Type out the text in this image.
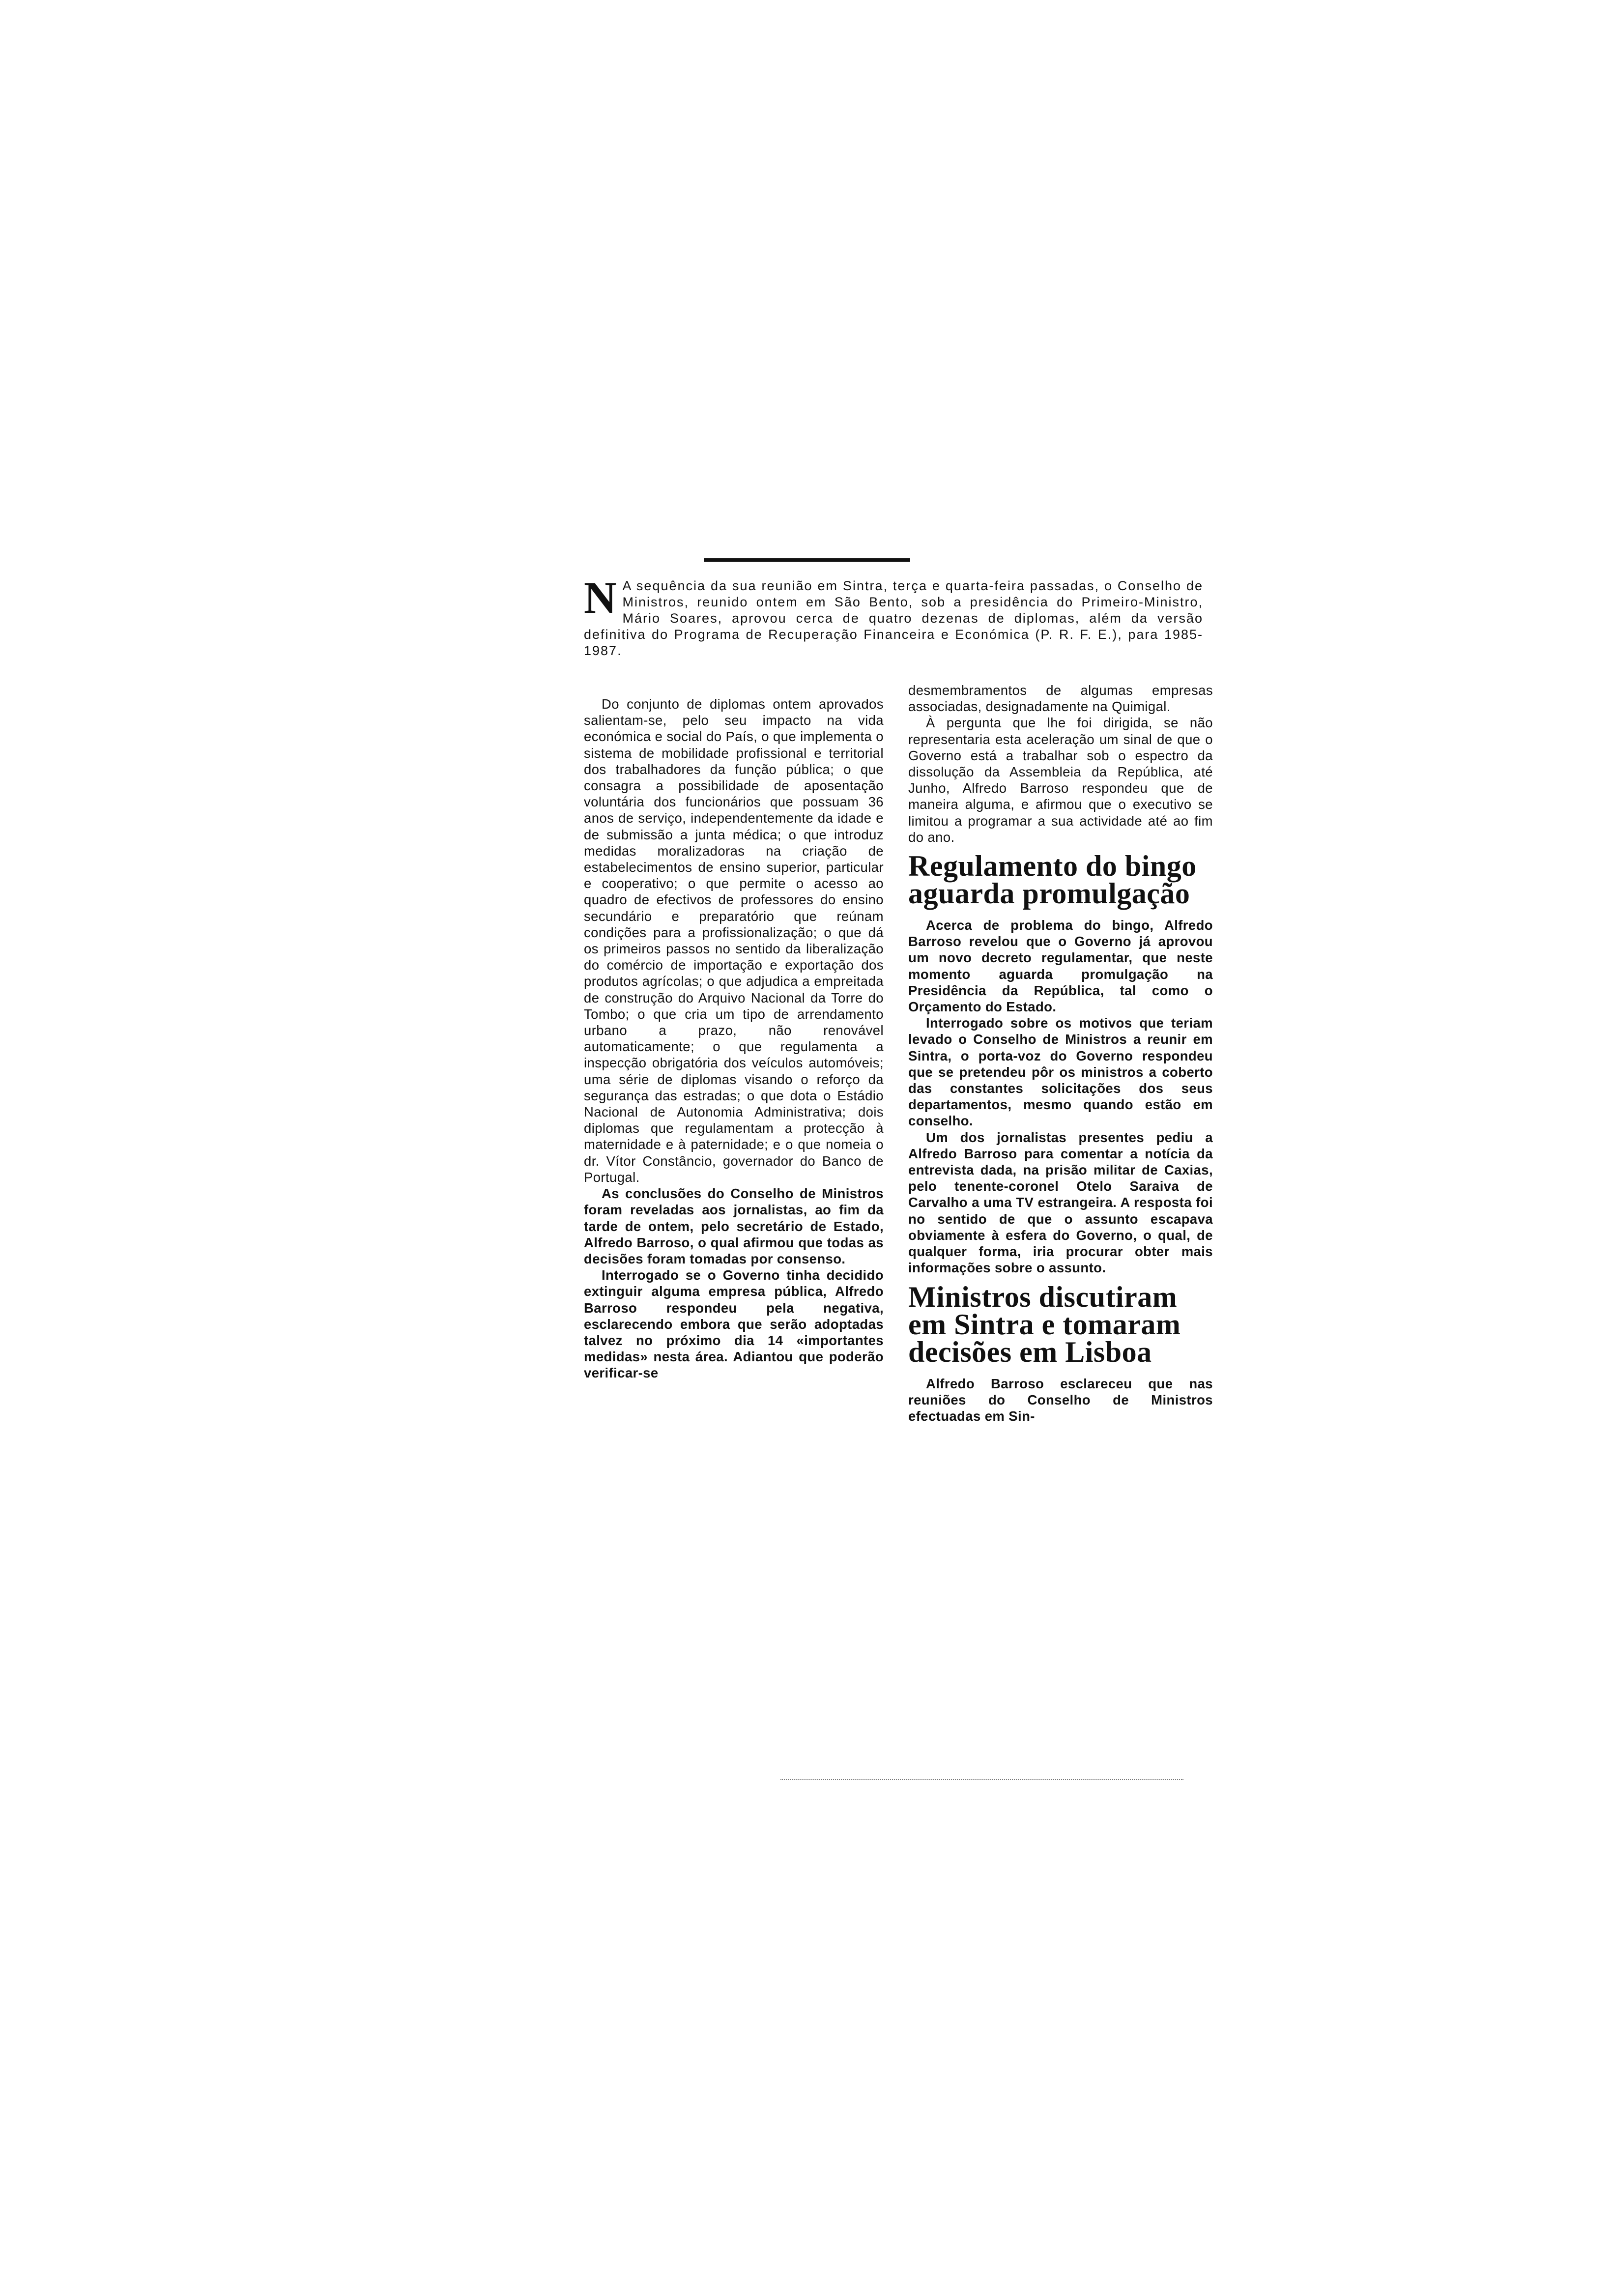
N A sequência da sua reunião em Sintra, terça e quarta-feira passadas, o Conselho de Ministros, reunido ontem em São Bento, sob a presidência do Primeiro-Ministro, Mário Soares, aprovou cerca de quatro dezenas de diplomas, além da versão definitiva do Programa de Recuperação Financeira e Económica (P. R. F. E.), para 1985-1987.

Do conjunto de diplomas ontem aprovados salientam-se, pelo seu impacto na vida económica e social do País, o que implementa o sistema de mobilidade profissional e territorial dos trabalhadores da função pública; o que consagra a possibilidade de aposentação voluntária dos funcionários que possuam 36 anos de serviço, independentemente da idade e de submissão a junta médica; o que introduz medidas moralizadoras na criação de estabelecimentos de ensino superior, particular e cooperativo; o que permite o acesso ao quadro de efectivos de professores do ensino secundário e preparatório que reúnam condições para a profissionalização; o que dá os primeiros passos no sentido da liberalização do comércio de importação e exportação dos produtos agrícolas; o que adjudica a empreitada de construção do Arquivo Nacional da Torre do Tombo; o que cria um tipo de arrendamento urbano a prazo, não renovável automaticamente; o que regulamenta a inspecção obrigatória dos veículos automóveis; uma série de diplomas visando o reforço da segurança das estradas; o que dota o Estádio Nacional de Autonomia Administrativa; dois diplomas que regulamentam a protecção à maternidade e à paternidade; e o que nomeia o dr. Vítor Constâncio, governador do Banco de Portugal.

As conclusões do Conselho de Ministros foram reveladas aos jornalistas, ao fim da tarde de ontem, pelo secretário de Estado, Alfredo Barroso, o qual afirmou que todas as decisões foram tomadas por consenso.

Interrogado se o Governo tinha decidido extinguir alguma empresa pública, Alfredo Barroso respondeu pela negativa, esclarecendo embora que serão adoptadas talvez no próximo dia 14 «importantes medidas» nesta área. Adiantou que poderão verificar-se

desmembramentos de algumas empresas associadas, designadamente na Quimigal.

À pergunta que lhe foi dirigida, se não representaria esta aceleração um sinal de que o Governo está a trabalhar sob o espectro da dissolução da Assembleia da República, até Junho, Alfredo Barroso respondeu que de maneira alguma, e afirmou que o executivo se limitou a programar a sua actividade até ao fim do ano.

Regulamento do bingo aguarda promulgação

Acerca de problema do bingo, Alfredo Barroso revelou que o Governo já aprovou um novo decreto regulamentar, que neste momento aguarda promulgação na Presidência da República, tal como o Orçamento do Estado.

Interrogado sobre os motivos que teriam levado o Conselho de Ministros a reunir em Sintra, o porta-voz do Governo respondeu que se pretendeu pôr os ministros a coberto das constantes solicitações dos seus departamentos, mesmo quando estão em conselho.

Um dos jornalistas presentes pediu a Alfredo Barroso para comentar a notícia da entrevista dada, na prisão militar de Caxias, pelo tenente-coronel Otelo Saraiva de Carvalho a uma TV estrangeira. A resposta foi no sentido de que o assunto escapava obviamente à esfera do Governo, o qual, de qualquer forma, iria procurar obter mais informações sobre o assunto.

Ministros discutiram em Sintra e tomaram decisões em Lisboa

Alfredo Barroso esclareceu que nas reuniões do Conselho de Ministros efectuadas em Sin-
